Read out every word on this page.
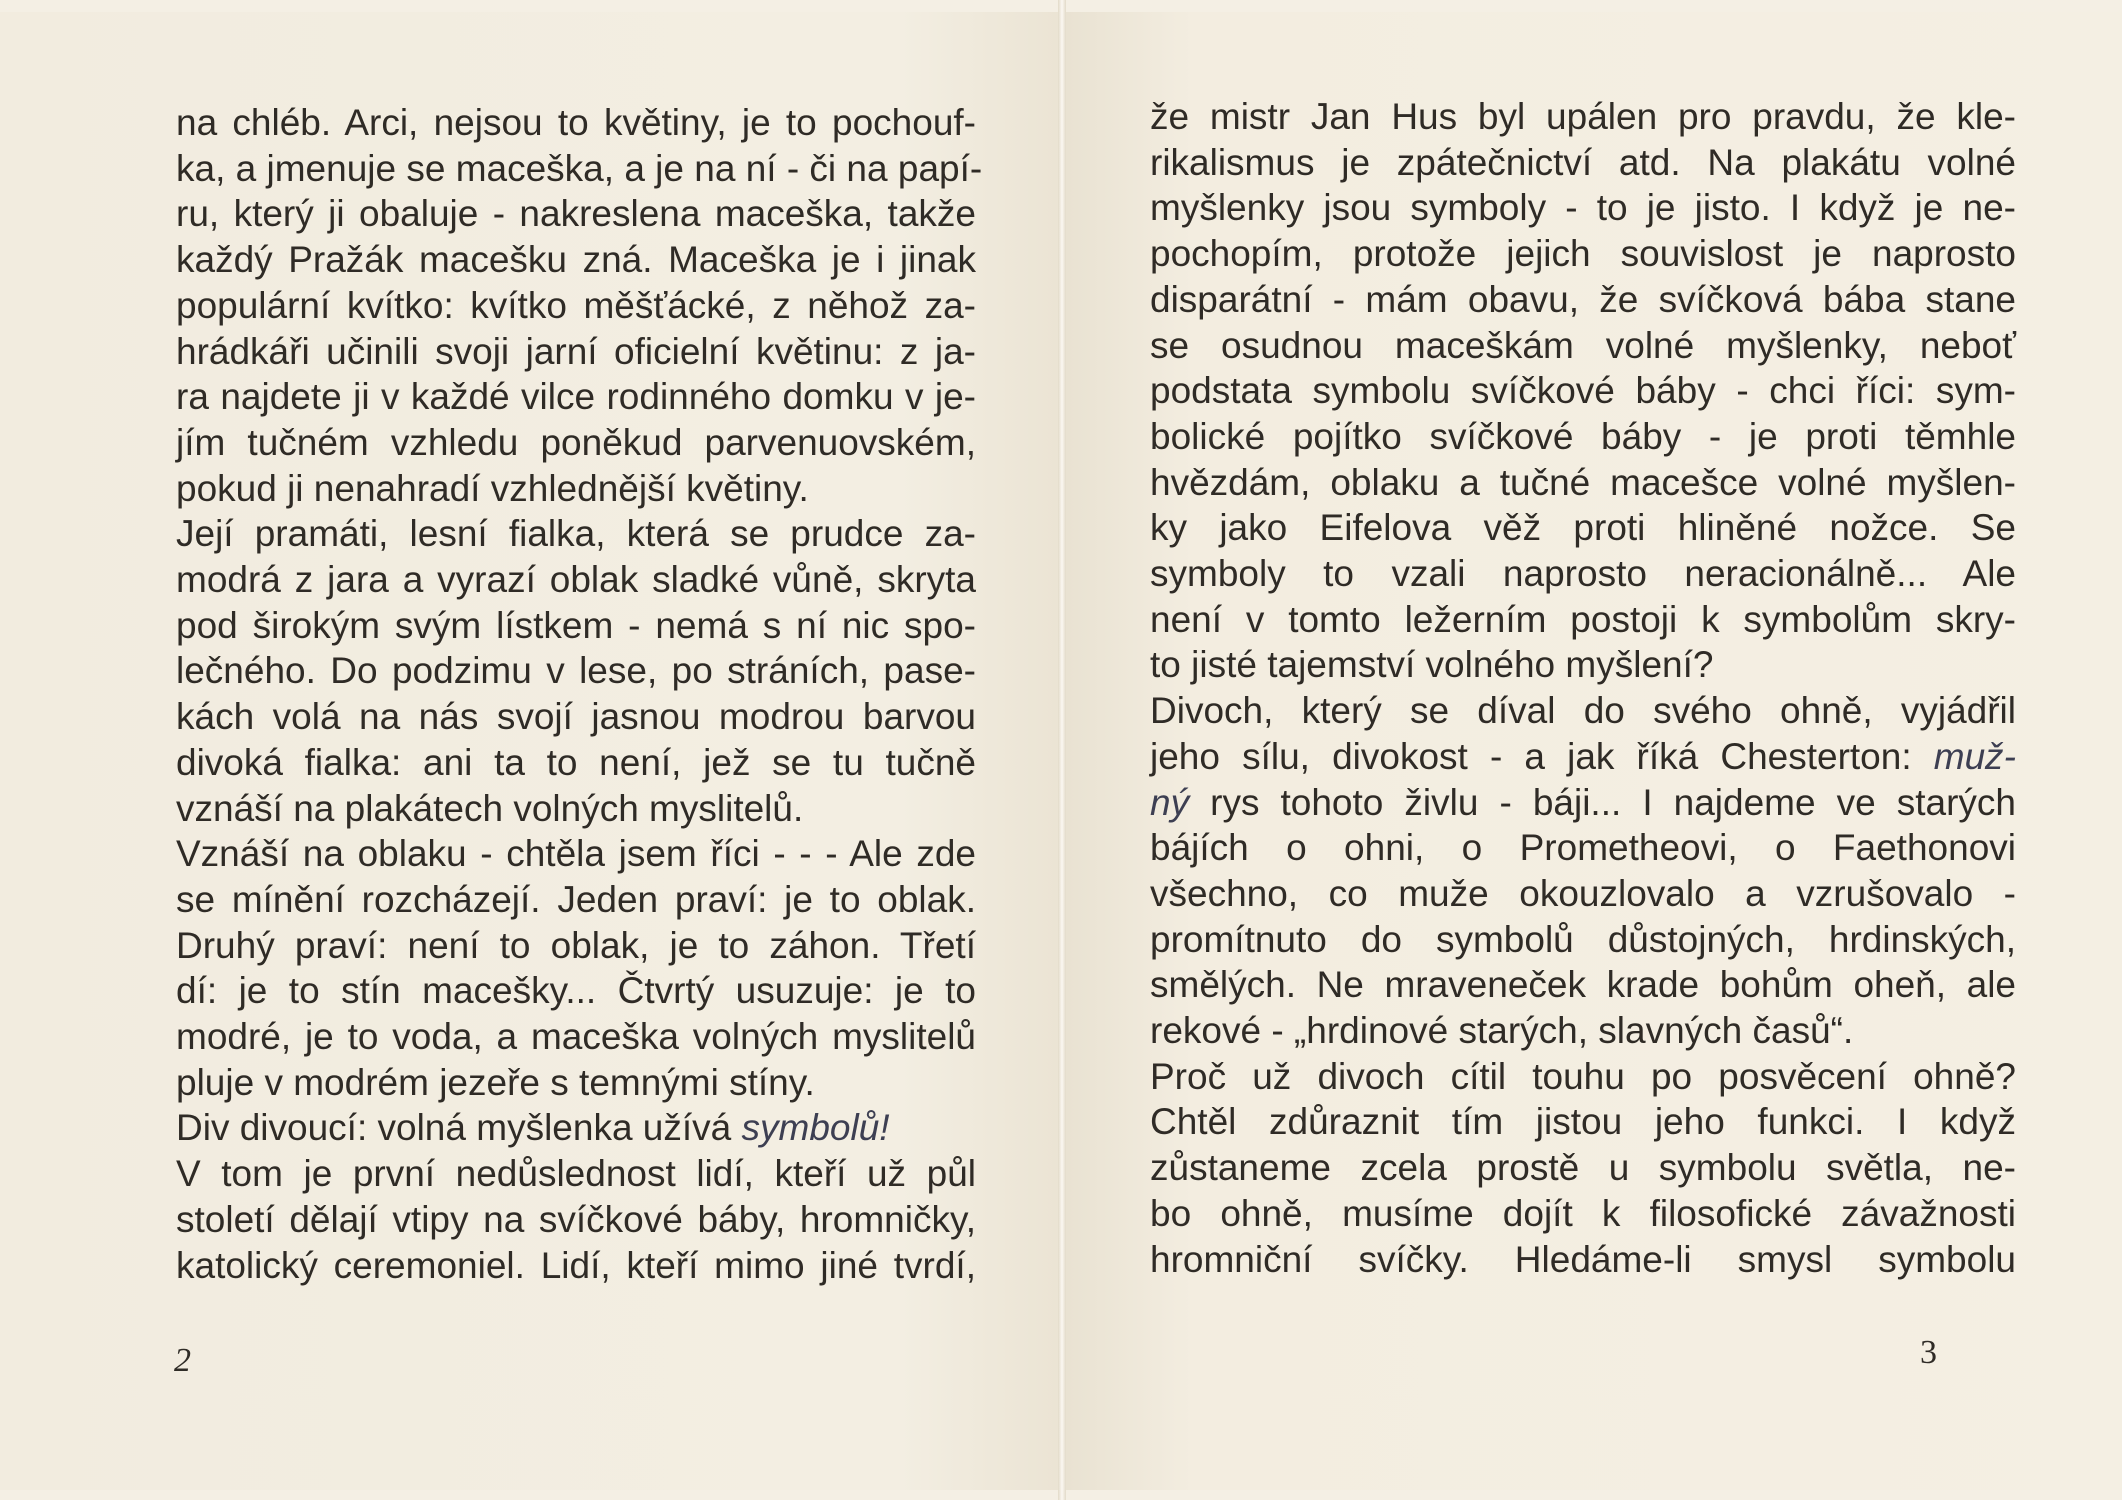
na chléb. Arci, nejsou to květiny, je to pochouf-
ka, a jmenuje se maceška, a je na ní - či na papí-
ru, který ji obaluje - nakreslena maceška, takže
každý Pražák macešku zná. Maceška je i jinak
populární kvítko: kvítko měšťácké, z něhož za-
hrádkáři učinili svoji jarní oficielní květinu: z ja-
ra najdete ji v každé vilce rodinného domku v je-
jím tučném vzhledu poněkud parvenuovském,
pokud ji nenahradí vzhlednější květiny.
Její pramáti, lesní fialka, která se prudce za-
modrá z jara a vyrazí oblak sladké vůně, skryta
pod širokým svým lístkem - nemá s ní nic spo-
lečného. Do podzimu v lese, po stráních, pase-
kách volá na nás svojí jasnou modrou barvou
divoká fialka: ani ta to není, jež se tu tučně
vznáší na plakátech volných myslitelů.
Vznáší na oblaku - chtěla jsem říci - - - Ale zde
se mínění rozcházejí. Jeden praví: je to oblak.
Druhý praví: není to oblak, je to záhon. Třetí
dí: je to stín macešky... Čtvrtý usuzuje: je to
modré, je to voda, a maceška volných myslitelů
pluje v modrém jezeře s temnými stíny.
Div divoucí: volná myšlenka užívá symbolů!
V tom je první nedůslednost lidí, kteří už půl
století dělají vtipy na svíčkové báby, hromničky,
katolický ceremoniel. Lidí, kteří mimo jiné tvrdí,
2
že mistr Jan Hus byl upálen pro pravdu, že kle-
rikalismus je zpátečnictví atd. Na plakátu volné
myšlenky jsou symboly - to je jisto. I když je ne-
pochopím, protože jejich souvislost je naprosto
disparátní - mám obavu, že svíčková bába stane
se osudnou maceškám volné myšlenky, neboť
podstata symbolu svíčkové báby - chci říci: sym-
bolické pojítko svíčkové báby - je proti těmhle
hvězdám, oblaku a tučné macešce volné myšlen-
ky jako Eifelova věž proti hliněné nožce. Se
symboly to vzali naprosto neracionálně... Ale
není v tomto ležerním postoji k symbolům skry-
to jisté tajemství volného myšlení?
Divoch, který se díval do svého ohně, vyjádřil
jeho sílu, divokost - a jak říká Chesterton: muž-
ný rys tohoto živlu - báji... I najdeme ve starých
bájích o ohni, o Prometheovi, o Faethonovi
všechno, co muže okouzlovalo a vzrušovalo -
promítnuto do symbolů důstojných, hrdinských,
smělých. Ne mraveneček krade bohům oheň, ale
rekové - „hrdinové starých, slavných časů“.
Proč už divoch cítil touhu po posvěcení ohně?
Chtěl zdůraznit tím jistou jeho funkci. I když
zůstaneme zcela prostě u symbolu světla, ne-
bo ohně, musíme dojít k filosofické závažnosti
hromniční svíčky. Hledáme-li smysl symbolu
3
